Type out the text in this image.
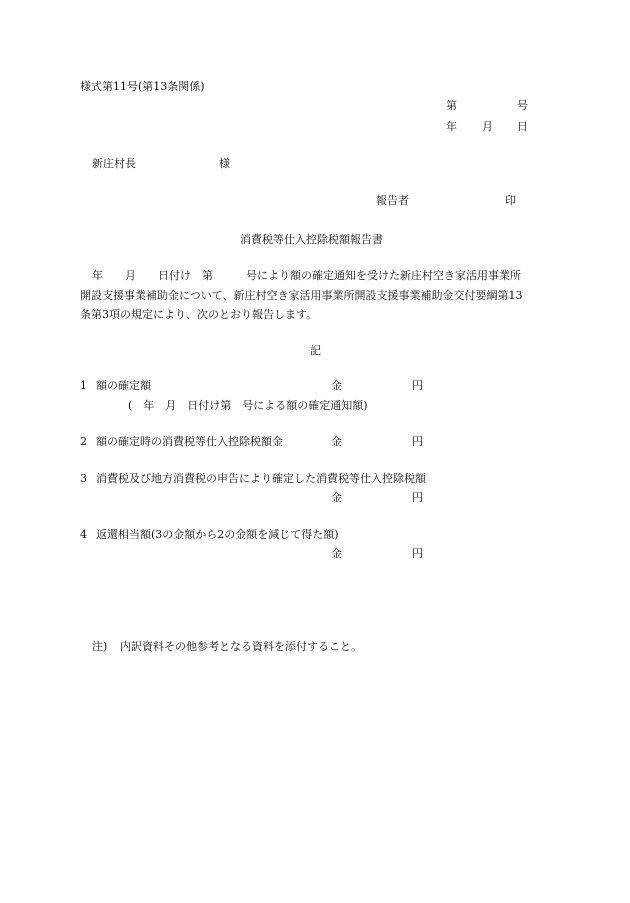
様式第11号(第13条関係)
第	号
年 月 日
新庄村長	様
報告者	印
消費税等仕入控除税額報告書
年　　月　　日付け　第　　　号により額の確定通知を受けた新庄村空き家活用事業所
開設支援事業補助金について、新庄村空き家活用事業所開設支援事業補助金交付要綱第13
条第3項の規定により、次のとおり報告します。
記
1 額の確定額	金	円
(　年　月　日付け第　号による額の確定通知額)
2 額の確定時の消費税等仕入控除税額金	金	円
3 消費税及び地方消費税の申告により確定した消費税等仕入控除税額
金	円
4 返還相当額(3の金額から2の金額を減じて得た額)
金	円
注) 内訳資料その他参考となる資料を添付すること。
